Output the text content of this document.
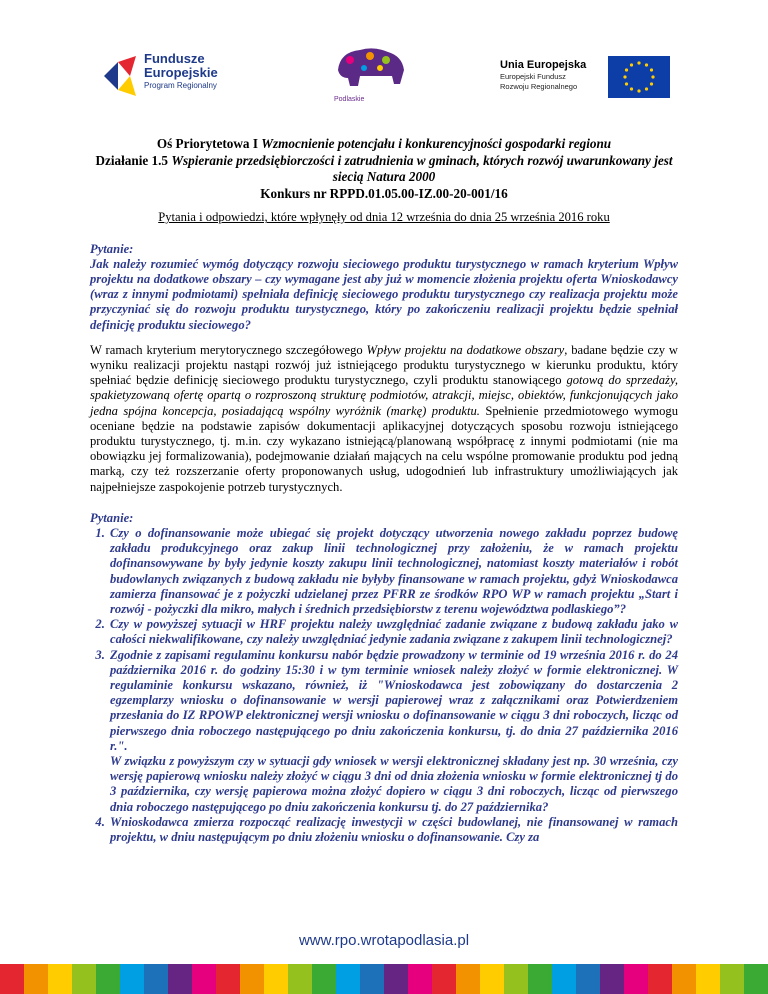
Fundusze
Europejskie
Program Regionalny
Podlaskie
Unia Europejska
Europejski Fundusz
Rozwoju Regionalnego
Oś Priorytetowa I Wzmocnienie potencjału i konkurencyjności gospodarki regionu
Działanie 1.5 Wspieranie przedsiębiorczości i zatrudnienia w gminach, których rozwój uwarunkowany jest siecią Natura 2000
Konkurs nr RPPD.01.05.00-IZ.00-20-001/16
Pytania i odpowiedzi, które wpłynęły od dnia 12 września do dnia 25 września 2016 roku
Pytanie:
Jak należy rozumieć wymóg dotyczący rozwoju sieciowego produktu turystycznego w ramach kryterium Wpływ projektu na dodatkowe obszary – czy wymagane jest aby już w momencie złożenia projektu oferta Wnioskodawcy (wraz z innymi podmiotami) spełniała definicję sieciowego produktu turystycznego czy realizacja projektu może przyczyniać się do rozwoju produktu turystycznego, który po zakończeniu realizacji projektu będzie spełniał definicję produktu sieciowego?
W ramach kryterium merytorycznego szczegółowego Wpływ projektu na dodatkowe obszary, badane będzie czy w wyniku realizacji projektu nastąpi rozwój już istniejącego produktu turystycznego w kierunku produktu, który spełniać będzie definicję sieciowego produktu turystycznego, czyli produktu stanowiącego gotową do sprzedaży, spakietyzowaną ofertę opartą o rozproszoną strukturę podmiotów, atrakcji, miejsc, obiektów, funkcjonujących jako jedna spójna koncepcja, posiadającą wspólny wyróżnik (markę) produktu. Spełnienie przedmiotowego wymogu oceniane będzie na podstawie zapisów dokumentacji aplikacyjnej dotyczących sposobu rozwoju istniejącego produktu turystycznego, tj. m.in. czy wykazano istniejącą/planowaną współpracę z innymi podmiotami (nie ma obowiązku jej formalizowania), podejmowanie działań mających na celu wspólne promowanie produktu pod jedną marką, czy też rozszerzanie oferty proponowanych usług, udogodnień lub infrastruktury umożliwiających jak najpełniejsze zaspokojenie potrzeb turystycznych.
Pytanie:
1. Czy o dofinansowanie może ubiegać się projekt dotyczący utworzenia nowego zakładu poprzez budowę zakładu produkcyjnego oraz zakup linii technologicznej przy założeniu, że w ramach projektu dofinansowywane by były jedynie koszty zakupu linii technologicznej, natomiast koszty materiałów i robót budowlanych związanych z budową zakładu nie byłyby finansowane w ramach projektu, gdyż Wnioskodawca zamierza finansować je z pożyczki udzielanej przez PFRR ze środków RPO WP w ramach projektu „Start i rozwój - pożyczki dla mikro, małych i średnich przedsiębiorstw z terenu województwa podlaskiego”?
2. Czy w powyższej sytuacji w HRF projektu należy uwzględniać zadanie związane z budową zakładu jako w całości niekwalifikowane, czy należy uwzględniać jedynie zadania związane z zakupem linii technologicznej?
3. Zgodnie z zapisami regulaminu konkursu nabór będzie prowadzony w terminie od 19 września 2016 r. do 24 października 2016 r. do godziny 15:30 i w tym terminie wniosek należy złożyć w formie elektronicznej. W regulaminie konkursu wskazano, również, iż "Wnioskodawca jest zobowiązany do dostarczenia 2 egzemplarzy wniosku o dofinansowanie w wersji papierowej wraz z załącznikami oraz Potwierdzeniem przesłania do IZ RPOWP elektronicznej wersji wniosku o dofinansowanie w ciągu 3 dni roboczych, licząc od pierwszego dnia roboczego następującego po dniu zakończenia konkursu, tj. do dnia 27 października 2016 r.".
W związku z powyższym czy w sytuacji gdy wniosek w wersji elektronicznej składany jest np. 30 września, czy wersję papierową wniosku należy złożyć w ciągu 3 dni od dnia złożenia wniosku w formie elektronicznej tj do 3 października, czy wersję papierowa można złożyć dopiero w ciągu 3 dni roboczych, licząc od pierwszego dnia roboczego następującego po dniu zakończenia konkursu tj. do 27 października?
4. Wnioskodawca zmierza rozpocząć realizację inwestycji w części budowlanej, nie finansowanej w ramach projektu, w dniu następującym po dniu złożeniu wniosku o dofinansowanie. Czy za
www.rpo.wrotapodlasia.pl
